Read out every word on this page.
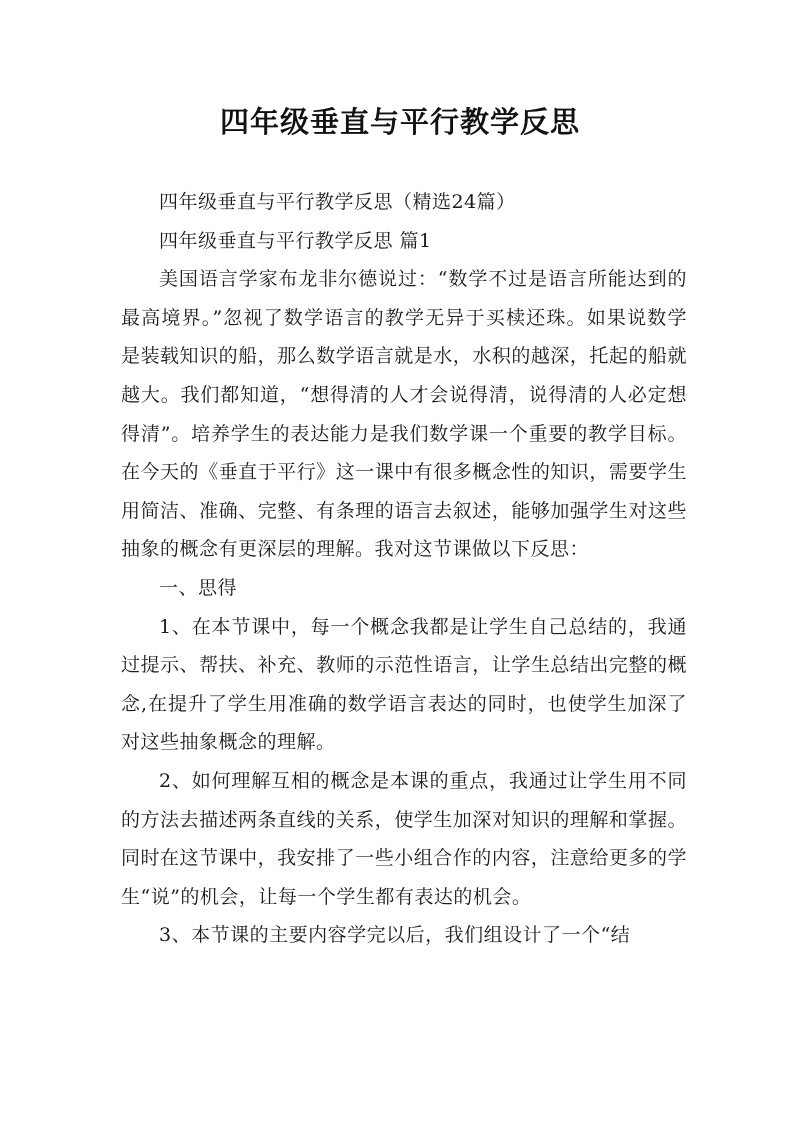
四年级垂直与平行教学反思

四年级垂直与平行教学反思（精选24篇）

四年级垂直与平行教学反思 篇1

美国语言学家布龙非尔德说过：“数学不过是语言所能达到的最高境界。”忽视了数学语言的教学无异于买椟还珠。如果说数学是装载知识的船，那么数学语言就是水，水积的越深，托起的船就越大。我们都知道，“想得清的人才会说得清，说得清的人必定想得清”。培养学生的表达能力是我们数学课一个重要的教学目标。在今天的《垂直于平行》这一课中有很多概念性的知识，需要学生用简洁、准确、完整、有条理的语言去叙述，能够加强学生对这些抽象的概念有更深层的理解。我对这节课做以下反思：

一、思得

1、在本节课中，每一个概念我都是让学生自己总结的，我通过提示、帮扶、补充、教师的示范性语言，让学生总结出完整的概念,在提升了学生用准确的数学语言表达的同时，也使学生加深了对这些抽象概念的理解。

2、如何理解互相的概念是本课的重点，我通过让学生用不同的方法去描述两条直线的关系，使学生加深对知识的理解和掌握。同时在这节课中，我安排了一些小组合作的内容，注意给更多的学生“说”的机会，让每一个学生都有表达的机会。

3、本节课的主要内容学完以后，我们组设计了一个“结
